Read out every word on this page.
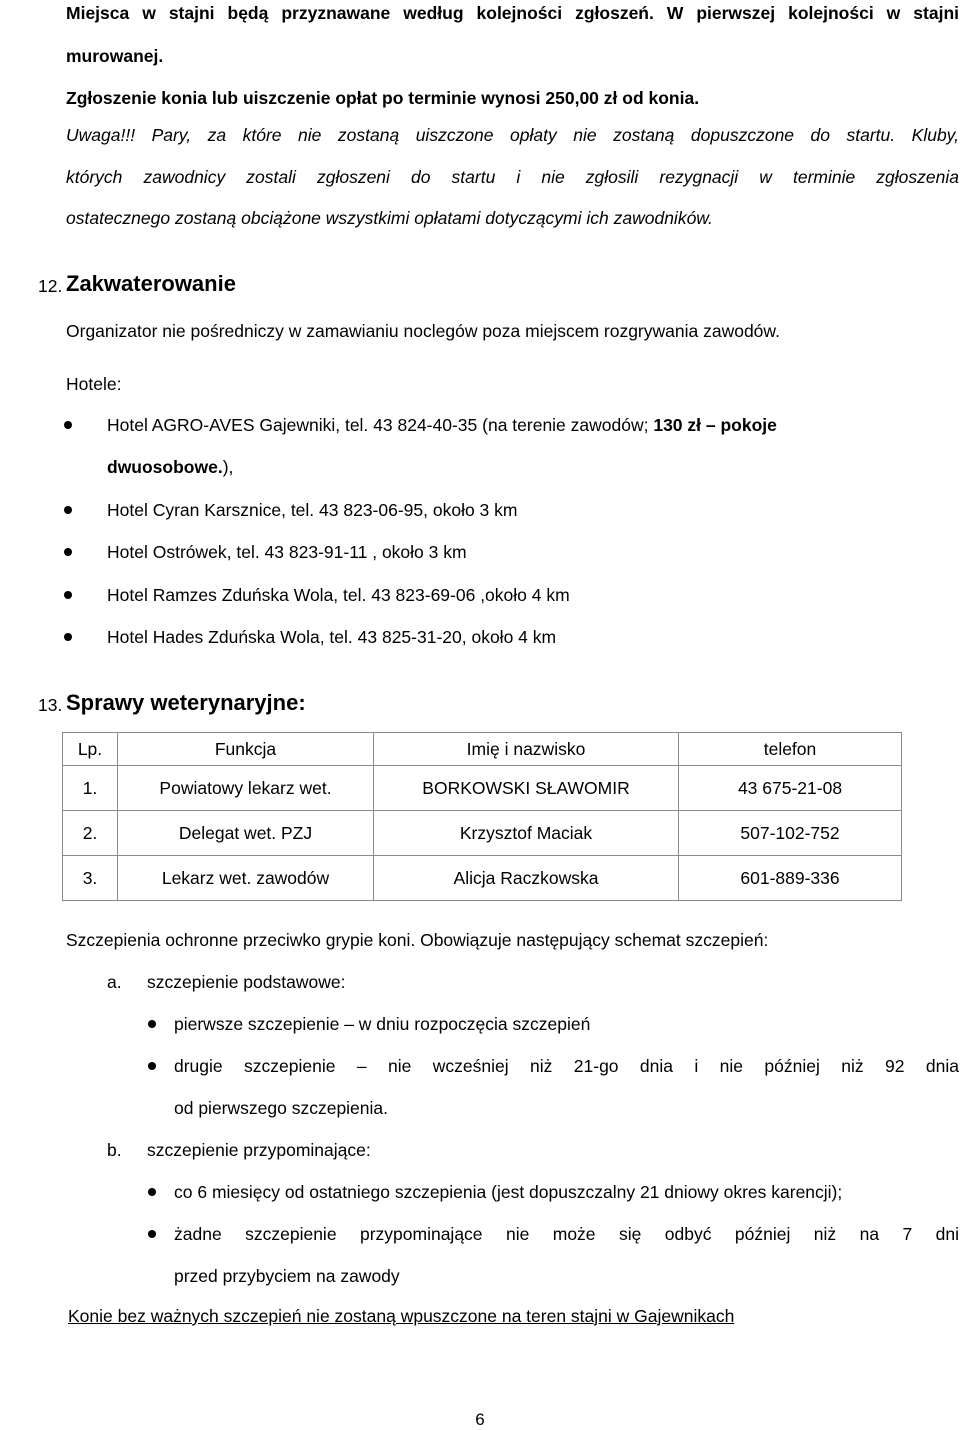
Miejsca w stajni będą przyznawane według kolejności zgłoszeń. W pierwszej kolejności w stajni
murowanej.
Zgłoszenie konia lub uiszczenie opłat po terminie wynosi 250,00 zł od konia.
Uwaga!!! Pary, za które nie zostaną uiszczone opłaty nie zostaną dopuszczone do startu. Kluby,
których zawodnicy zostali zgłoszeni do startu i nie zgłosili rezygnacji w terminie zgłoszenia
ostatecznego zostaną obciążone wszystkimi opłatami dotyczącymi ich zawodników.
12. Zakwaterowanie
Organizator nie pośredniczy w zamawianiu noclegów poza miejscem rozgrywania zawodów.
Hotele:
Hotel AGRO-AVES Gajewniki, tel. 43 824-40-35 (na terenie zawodów; 130 zł – pokoje
dwuosobowe.),
Hotel Cyran Karsznice, tel. 43 823-06-95, około 3 km
Hotel Ostrówek, tel. 43 823-91-11 , około 3 km
Hotel Ramzes Zduńska Wola, tel. 43 823-69-06 ,około 4 km
Hotel Hades Zduńska Wola, tel. 43 825-31-20, około 4 km
13. Sprawy weterynaryjne:
Lp.	Funkcja	Imię i nazwisko	telefon
1.	Powiatowy lekarz wet.	BORKOWSKI SŁAWOMIR	43 675-21-08
2.	Delegat wet. PZJ	Krzysztof Maciak	507-102-752
3.	Lekarz wet. zawodów	Alicja Raczkowska	601-889-336
Szczepienia ochronne przeciwko grypie koni. Obowiązuje następujący schemat szczepień:
a. szczepienie podstawowe:
pierwsze szczepienie – w dniu rozpoczęcia szczepień
drugie szczepienie – nie wcześniej niż 21-go dnia i nie później niż 92 dnia
od pierwszego szczepienia.
b. szczepienie przypominające:
co 6 miesięcy od ostatniego szczepienia (jest dopuszczalny 21 dniowy okres karencji);
żadne szczepienie przypominające nie może się odbyć później niż na 7 dni
przed przybyciem na zawody
Konie bez ważnych szczepień nie zostaną wpuszczone na teren stajni w Gajewnikach
6
